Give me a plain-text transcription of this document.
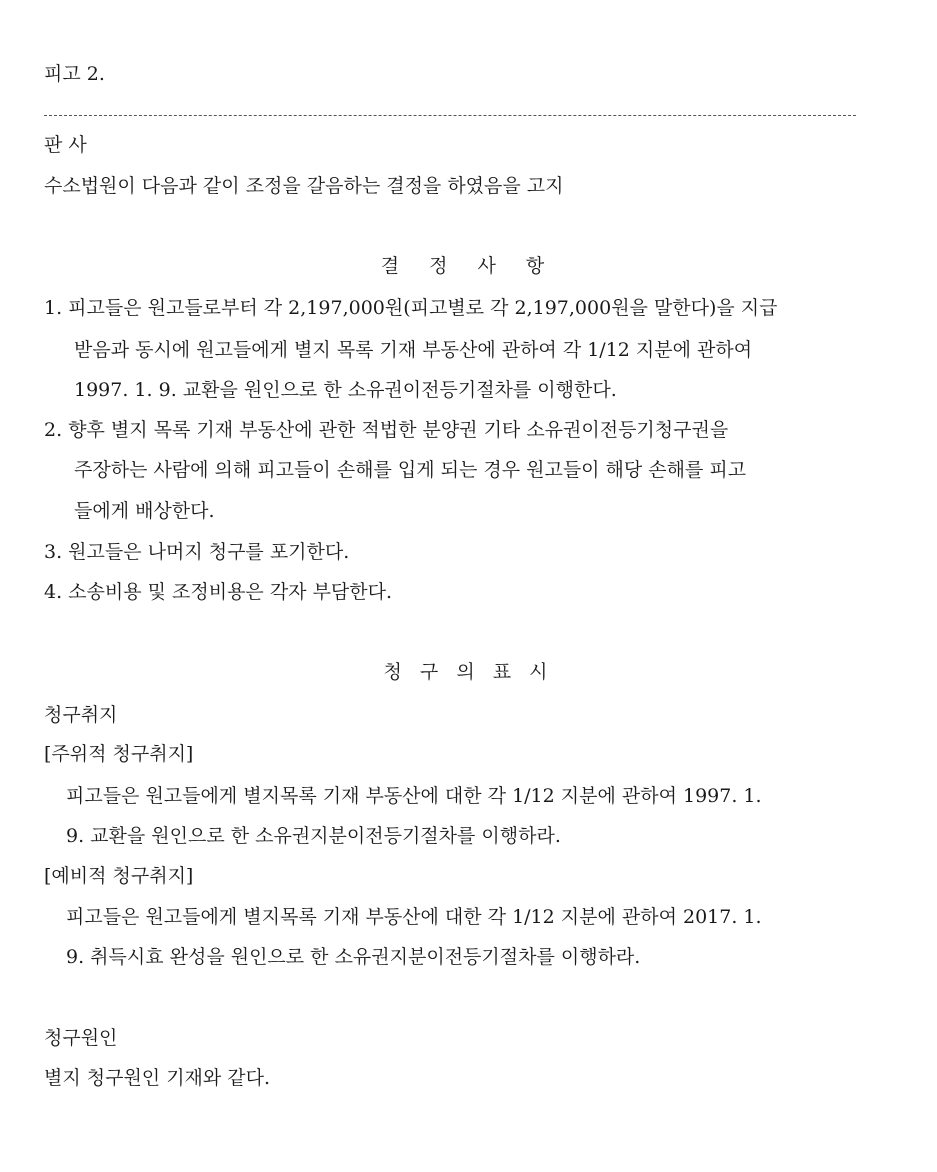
피고 2.
판 사
수소법원이 다음과 같이 조정을 갈음하는 결정을 하였음을 고지
결 정 사 항
1. 피고들은 원고들로부터 각 2,197,000원(피고별로 각 2,197,000원을 말한다)을 지급
받음과 동시에 원고들에게 별지 목록 기재 부동산에 관하여 각 1/12 지분에 관하여
1997. 1. 9. 교환을 원인으로 한 소유권이전등기절차를 이행한다.
2. 향후 별지 목록 기재 부동산에 관한 적법한 분양권 기타 소유권이전등기청구권을
주장하는 사람에 의해 피고들이 손해를 입게 되는 경우 원고들이 해당 손해를 피고
들에게 배상한다.
3. 원고들은 나머지 청구를 포기한다.
4. 소송비용 및 조정비용은 각자 부담한다.
청 구 의 표 시
청구취지
[주위적 청구취지]
피고들은 원고들에게 별지목록 기재 부동산에 대한 각 1/12 지분에 관하여 1997. 1.
9. 교환을 원인으로 한 소유권지분이전등기절차를 이행하라.
[예비적 청구취지]
피고들은 원고들에게 별지목록 기재 부동산에 대한 각 1/12 지분에 관하여 2017. 1.
9. 취득시효 완성을 원인으로 한 소유권지분이전등기절차를 이행하라.
청구원인
별지 청구원인 기재와 같다.
